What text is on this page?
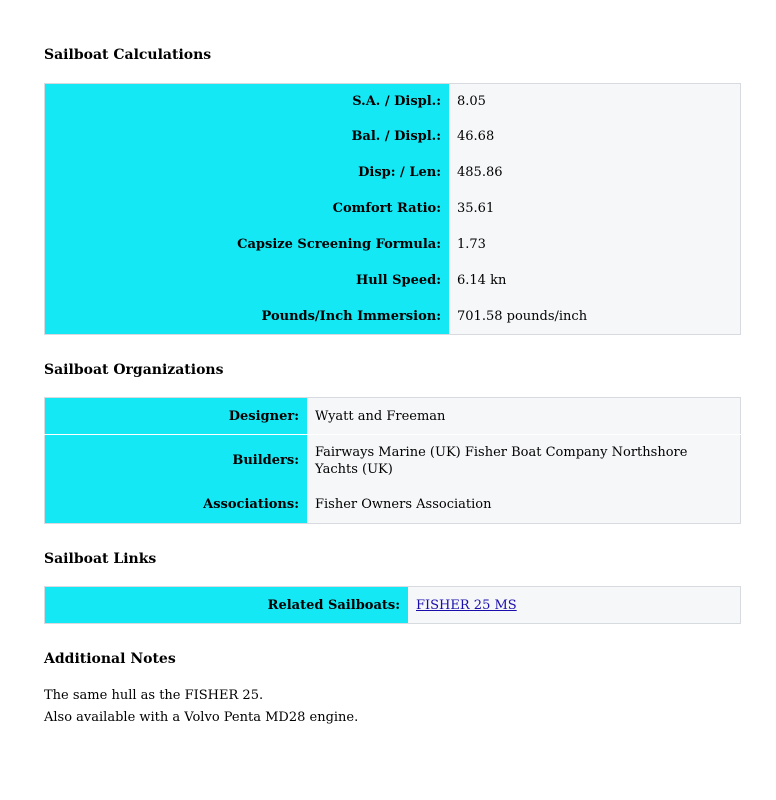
Sailboat Calculations
S.A. / Displ.:	8.05
Bal. / Displ.:	46.68
Disp: / Len:	485.86
Comfort Ratio:	35.61
Capsize Screening Formula:	1.73
Hull Speed:	6.14 kn
Pounds/Inch Immersion:	701.58 pounds/inch
Sailboat Organizations
Designer:	Wyatt and Freeman
Builders:	Fairways Marine (UK) Fisher Boat Company Northshore Yachts (UK)
Associations:	Fisher Owners Association
Sailboat Links
Related Sailboats:	FISHER 25 MS
Additional Notes

The same hull as the FISHER 25.

Also available with a Volvo Penta MD28 engine.
